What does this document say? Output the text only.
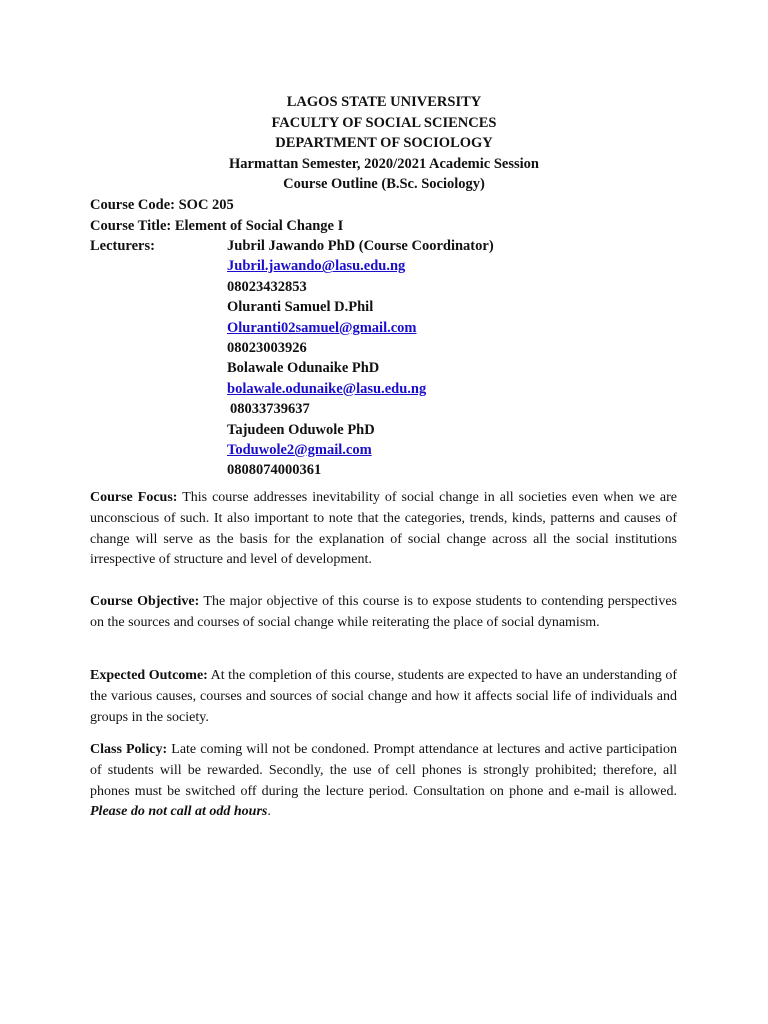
LAGOS STATE UNIVERSITY
FACULTY OF SOCIAL SCIENCES
DEPARTMENT OF SOCIOLOGY
Harmattan Semester, 2020/2021 Academic Session
Course Outline (B.Sc. Sociology)
Course Code: SOC 205
Course Title: Element of Social Change I
Lecturers:	Jubril Jawando PhD (Course Coordinator)
Jubril.jawando@lasu.edu.ng
08023432853
Oluranti Samuel D.Phil
Oluranti02samuel@gmail.com
08023003926
Bolawale Odunaike PhD
bolawale.odunaike@lasu.edu.ng
08033739637
Tajudeen Oduwole PhD
Toduwole2@gmail.com
0808074000361

Course Focus: This course addresses inevitability of social change in all societies even when we are unconscious of such. It also important to note that the categories, trends, kinds, patterns and causes of change will serve as the basis for the explanation of social change across all the social institutions irrespective of structure and level of development.

Course Objective: The major objective of this course is to expose students to contending perspectives on the sources and courses of social change while reiterating the place of social dynamism.

Expected Outcome: At the completion of this course, students are expected to have an understanding of the various causes, courses and sources of social change and how it affects social life of individuals and groups in the society.

Class Policy: Late coming will not be condoned. Prompt attendance at lectures and active participation of students will be rewarded. Secondly, the use of cell phones is strongly prohibited; therefore, all phones must be switched off during the lecture period. Consultation on phone and e-mail is allowed. Please do not call at odd hours.
